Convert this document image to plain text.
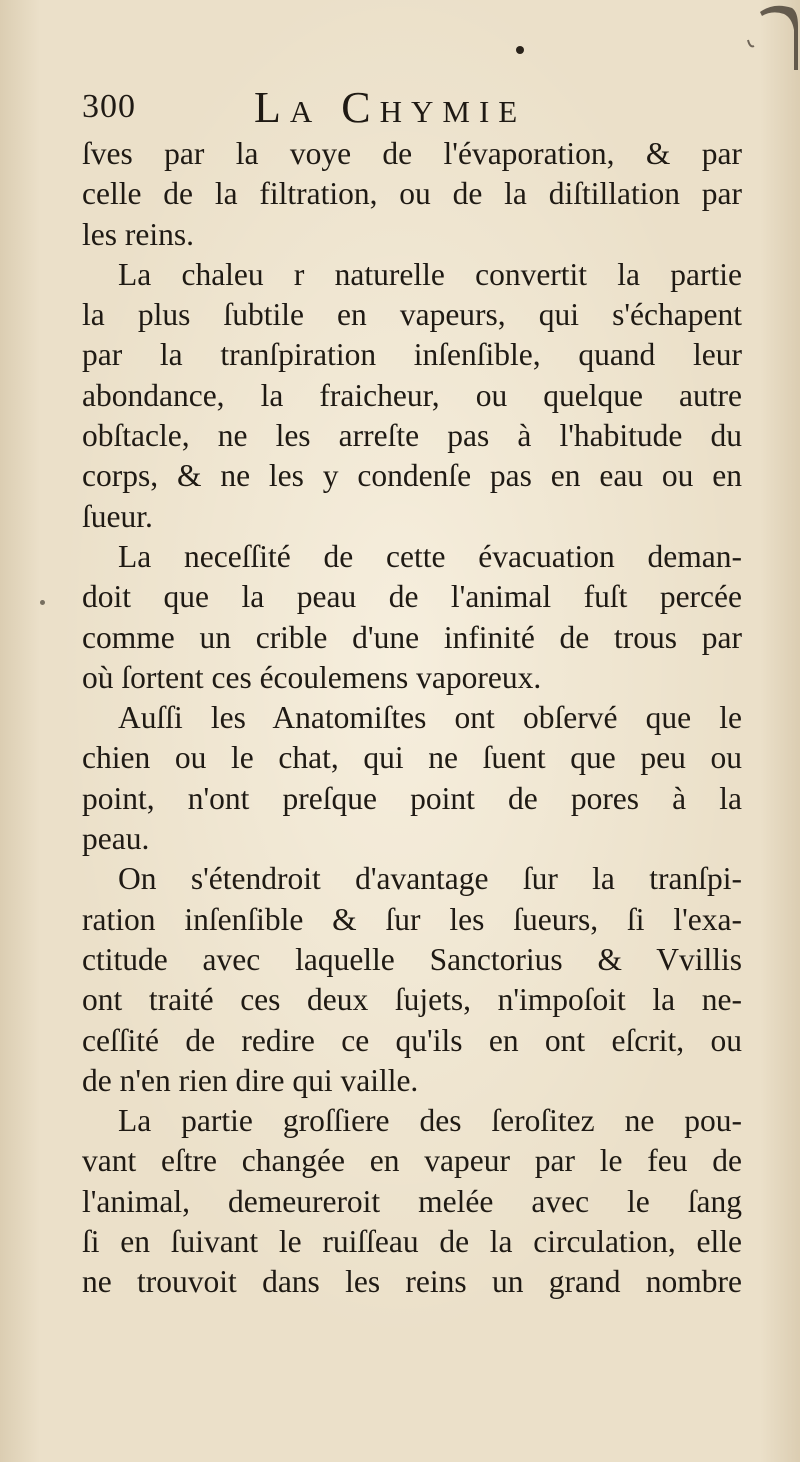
300	La Chymie
ſves par la voye de l'évaporation, & par
celle de la filtration, ou de la diſtillation par
les reins.
La chaleu r naturelle convertit la partie
la plus ſubtile en vapeurs, qui s'échapent
par la tranſpiration inſenſible, quand leur
abondance, la fraicheur, ou quelque autre
obſtacle, ne les arreſte pas à l'habitude du
corps, & ne les y condenſe pas en eau ou en
ſueur.
La neceſſité de cette évacuation deman-
doit que la peau de l'animal fuſt percée
comme un crible d'une infinité de trous par
où ſortent ces écoulemens vaporeux.
Auſſi les Anatomiſtes ont obſervé que le
chien ou le chat, qui ne ſuent que peu ou
point, n'ont preſque point de pores à la
peau.
On s'étendroit d'avantage ſur la tranſpi-
ration inſenſible & ſur les ſueurs, ſi l'exa-
ctitude avec laquelle Sanctorius & Vvillis
ont traité ces deux ſujets, n'impoſoit la ne-
ceſſité de redire ce qu'ils en ont eſcrit, ou
de n'en rien dire qui vaille.
La partie groſſiere des ſeroſitez ne pou-
vant eſtre changée en vapeur par le feu de
l'animal, demeureroit melée avec le ſang
ſi en ſuivant le ruiſſeau de la circulation, elle
ne trouvoit dans les reins un grand nombre
